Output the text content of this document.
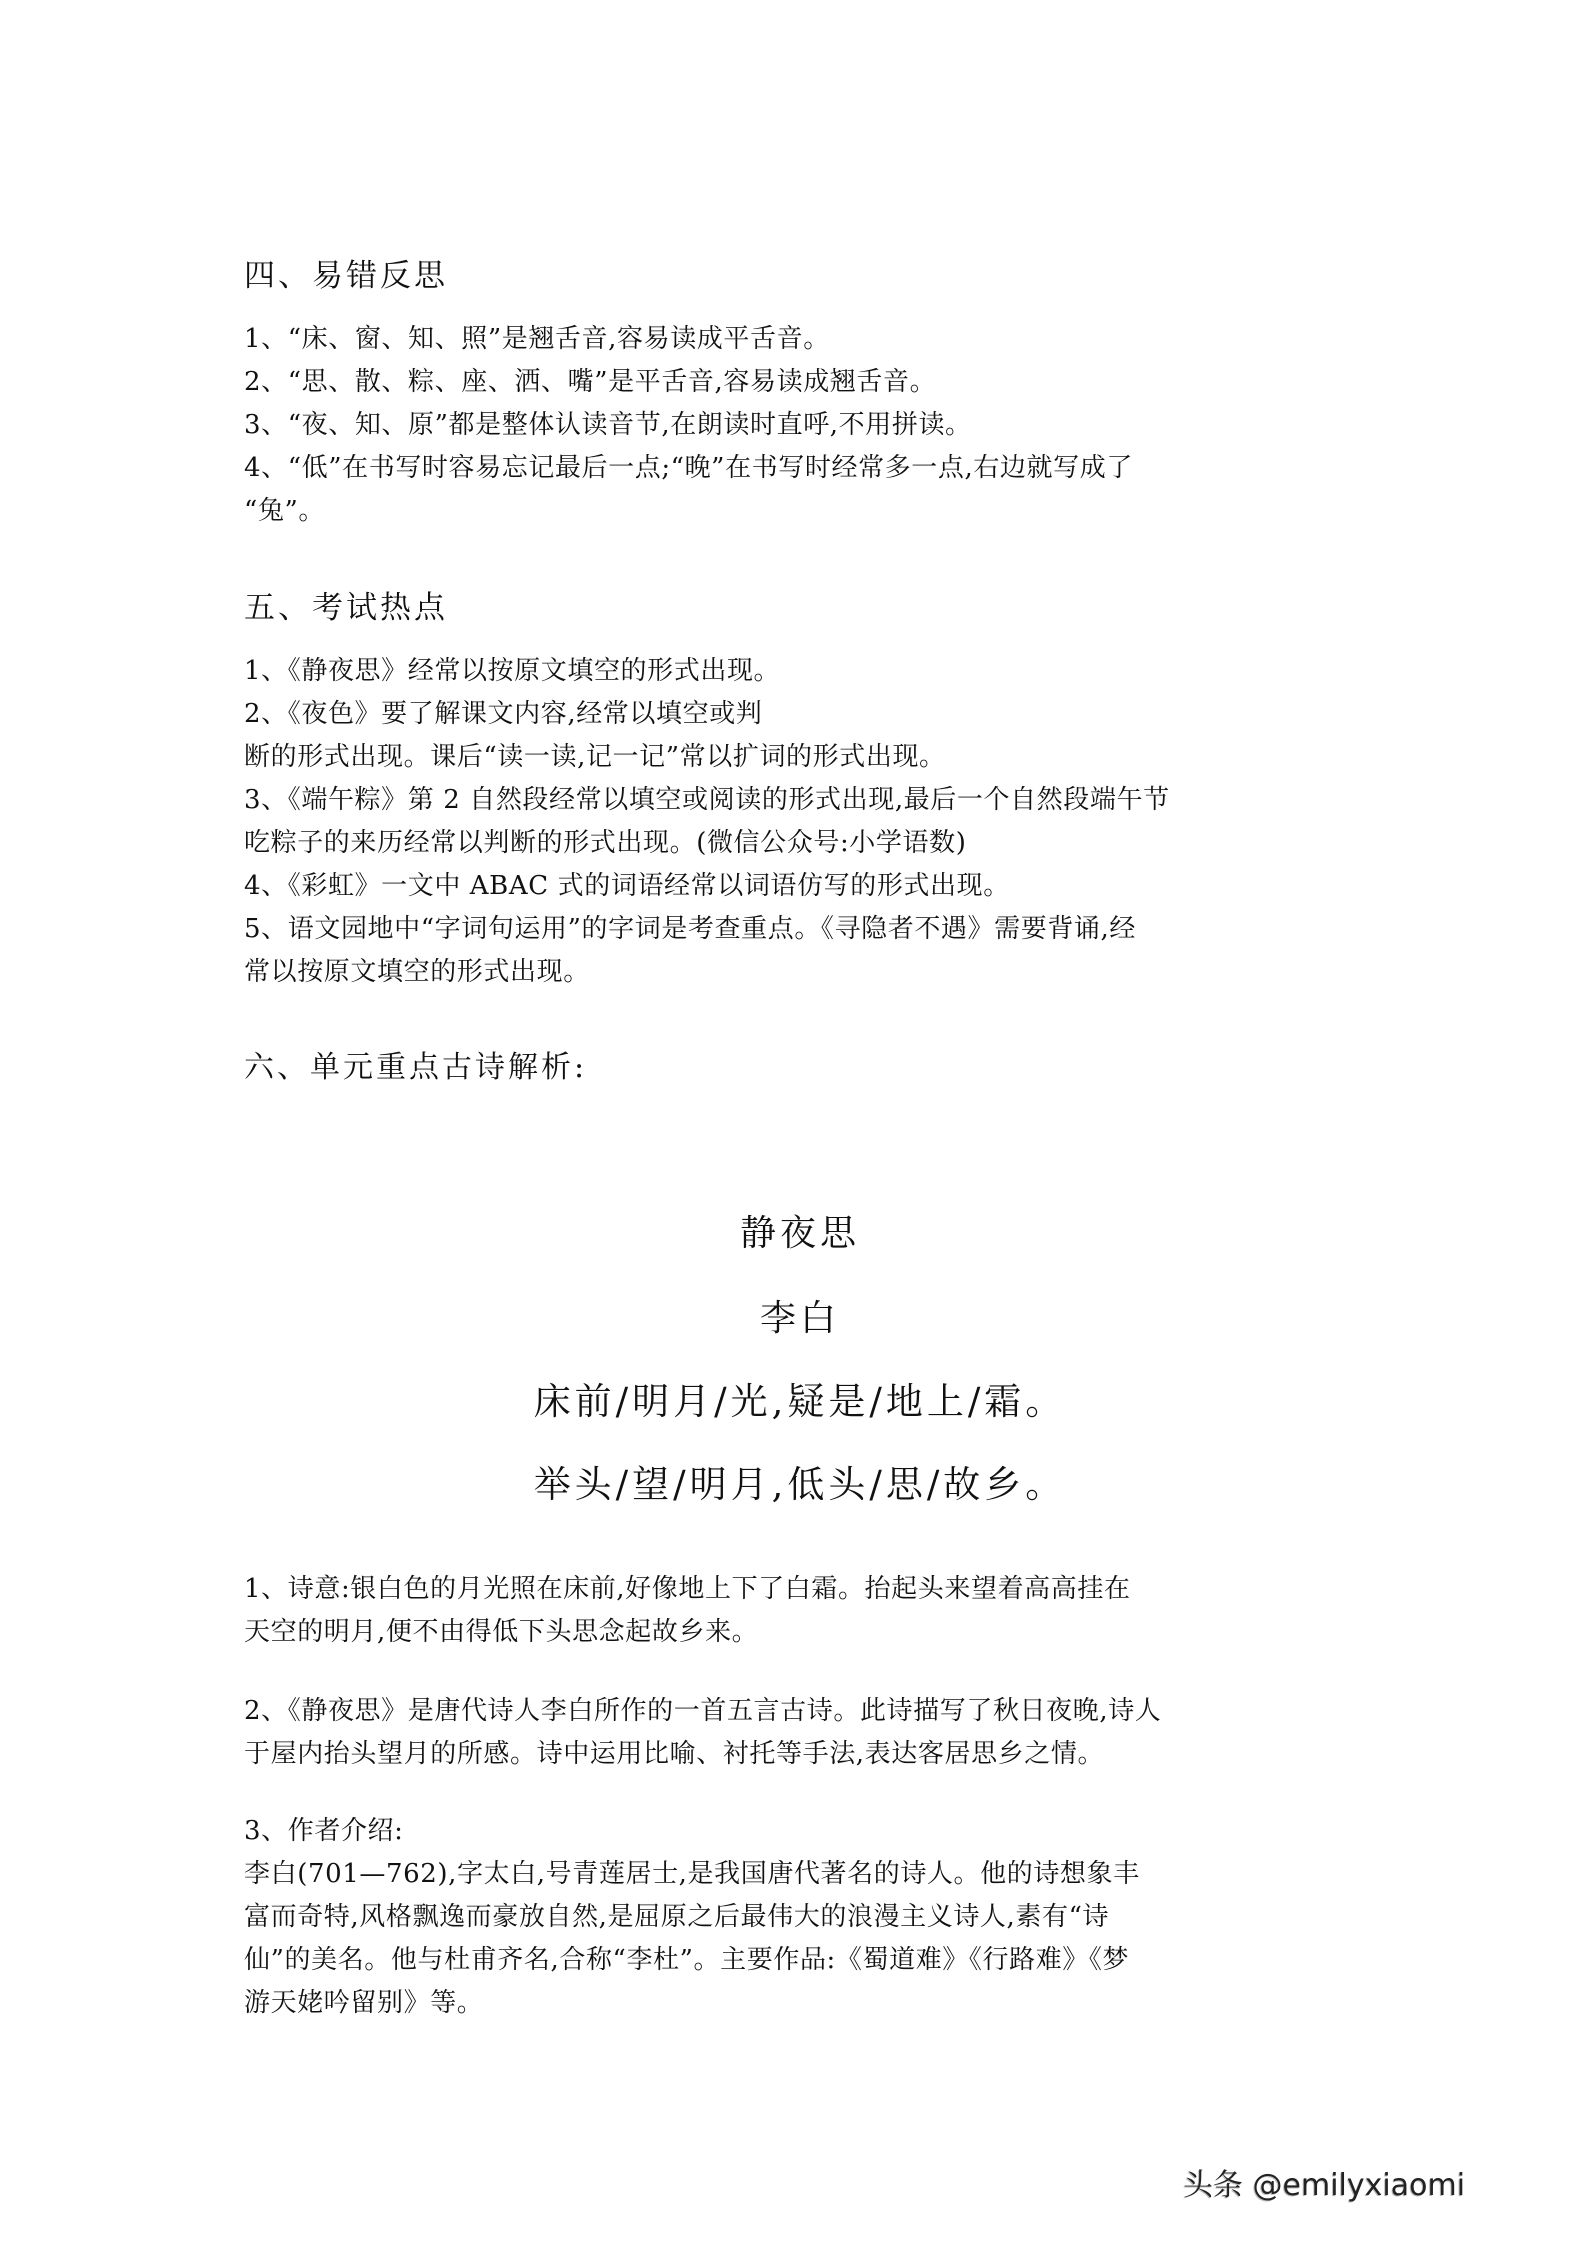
四、易错反思
1、“床、窗、知、照”是翘舌音,容易读成平舌音。
2、“思、散、粽、座、洒、嘴”是平舌音,容易读成翘舌音。
3、“夜、知、原”都是整体认读音节,在朗读时直呼,不用拼读。
4、“低”在书写时容易忘记最后一点;“晚”在书写时经常多一点,右边就写成了
“兔”。
五、考试热点
1、《静夜思》经常以按原文填空的形式出现。
2、《夜色》要了解课文内容,经常以填空或判
断的形式出现。课后“读一读,记一记”常以扩词的形式出现。
3、《端午粽》第 2 自然段经常以填空或阅读的形式出现,最后一个自然段端午节
吃粽子的来历经常以判断的形式出现。(微信公众号:小学语数)
4、《彩虹》一文中 ABAC 式的词语经常以词语仿写的形式出现。
5、语文园地中“字词句运用”的字词是考查重点。《寻隐者不遇》需要背诵,经
常以按原文填空的形式出现。
六、单元重点古诗解析:
静夜思
李白
床前/明月/光,疑是/地上/霜。
举头/望/明月,低头/思/故乡。
1、诗意:银白色的月光照在床前,好像地上下了白霜。抬起头来望着高高挂在
天空的明月,便不由得低下头思念起故乡来。
2、《静夜思》是唐代诗人李白所作的一首五言古诗。此诗描写了秋日夜晚,诗人
于屋内抬头望月的所感。诗中运用比喻、衬托等手法,表达客居思乡之情。
3、作者介绍:
李白(701—762),字太白,号青莲居士,是我国唐代著名的诗人。他的诗想象丰
富而奇特,风格飘逸而豪放自然,是屈原之后最伟大的浪漫主义诗人,素有“诗
仙”的美名。他与杜甫齐名,合称“李杜”。主要作品:《蜀道难》《行路难》《梦
游天姥吟留别》等。
头条 @emilyxiaomi
